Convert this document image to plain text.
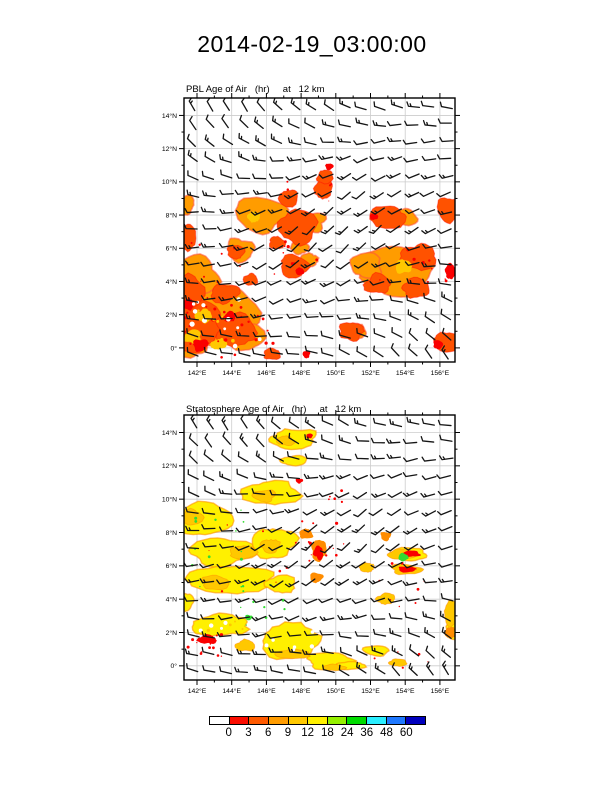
2014-02-19_03:00:00

PBL Age of Air   (hr)     at   12 km

142°E 144°E 146°E 148°E 150°E 152°E 154°E 156°E
14°N
12°N
10°N
8°N
6°N
4°N
2°N
0°

Stratosphere Age of Air   (hr)     at   12 km

142°E 144°E 146°E 148°E 150°E 152°E 154°E 156°E
14°N
12°N
10°N
8°N
6°N
4°N
2°N
0°
0 3 6 9 12 18 24 36 48 60
